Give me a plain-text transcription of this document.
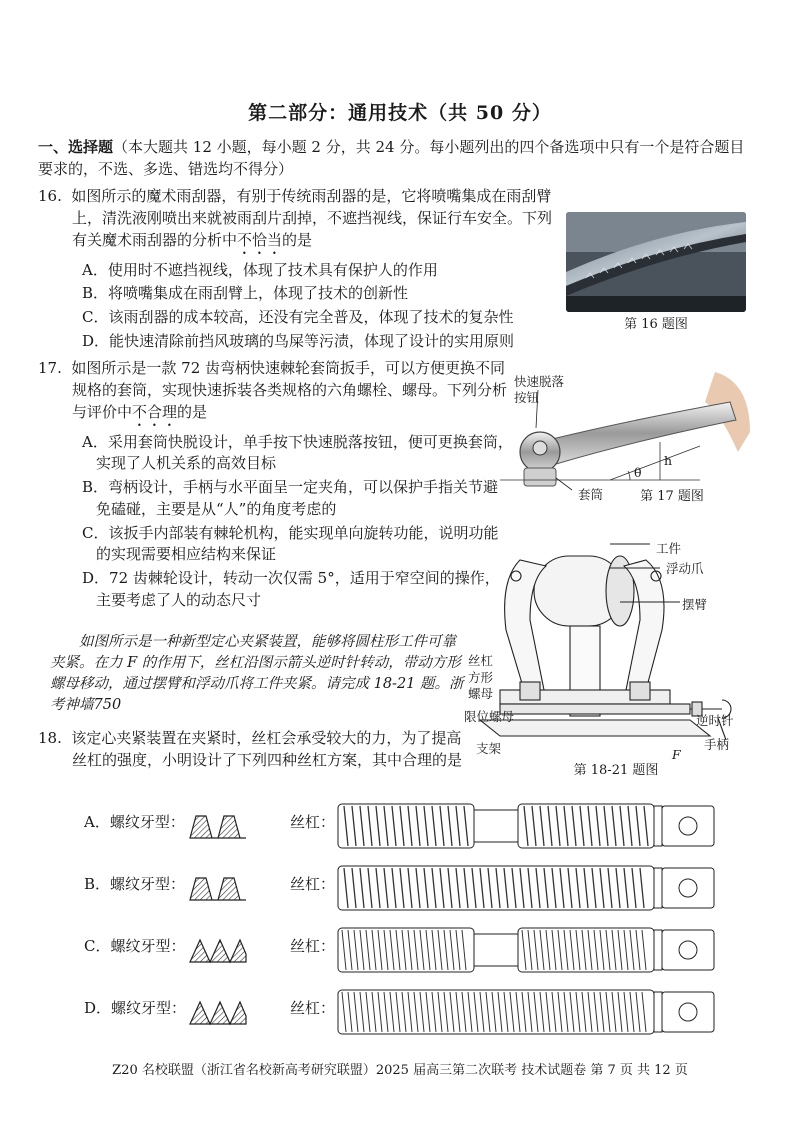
第二部分：通用技术（共 50 分）

一、选择题（本大题共 12 小题，每小题 2 分，共 24 分。每小题列出的四个备选项中只有一个是符合题目要求的，不选、多选、错选均不得分）

16. 如图所示的魔术雨刮器，有别于传统雨刮器的是，它将喷嘴集成在雨刮臂上，清洗液刚喷出来就被雨刮片刮掉，不遮挡视线，保证行车安全。下列有关魔术雨刮器的分析中不恰当的是

A．使用时不遮挡视线，体现了技术具有保护人的作用

B．将喷嘴集成在雨刮臂上，体现了技术的创新性

C．该雨刮器的成本较高，还没有完全普及，体现了技术的复杂性

D．能快速清除前挡风玻璃的鸟屎等污渍，体现了设计的实用原则

第 16 题图

17. 如图所示是一款 72 齿弯柄快速棘轮套筒扳手，可以方便更换不同规格的套筒，实现快速拆装各类规格的六角螺栓、螺母。下列分析与评价中不合理的是

A．采用套筒快脱设计，单手按下快速脱落按钮，便可更换套筒，实现了人机关系的高效目标

B．弯柄设计，手柄与水平面呈一定夹角，可以保护手指关节避免磕碰，主要是从“人”的角度考虑的

C．该扳手内部装有棘轮机构，能实现单向旋转功能，说明功能的实现需要相应结构来保证

D．72 齿棘轮设计，转动一次仅需 5°，适用于窄空间的操作，主要考虑了人的动态尺寸

快速脱落按钮
θ
h
套筒	第 17 题图
工件
浮动爪
摆臂
丝杠
方形螺母
限位螺母
支架
逆时针
手柄
F
第 18-21 题图

如图所示是一种新型定心夹紧装置，能够将圆柱形工件可靠夹紧。在力 F 的作用下，丝杠沿图示箭头逆时针转动，带动方形螺母移动，通过摆臂和浮动爪将工件夹紧。请完成 18-21 题。浙考神墙750

18. 该定心夹紧装置在夹紧时，丝杠会承受较大的力，为了提高丝杠的强度，小明设计了下列四种丝杠方案，其中合理的是

A．螺纹牙型：	丝杠：
B．螺纹牙型：	丝杠：
C．螺纹牙型：	丝杠：
D．螺纹牙型：	丝杠：
Z20 名校联盟（浙江省名校新高考研究联盟）2025 届高三第二次联考 技术试题卷 第 7 页 共 12 页
